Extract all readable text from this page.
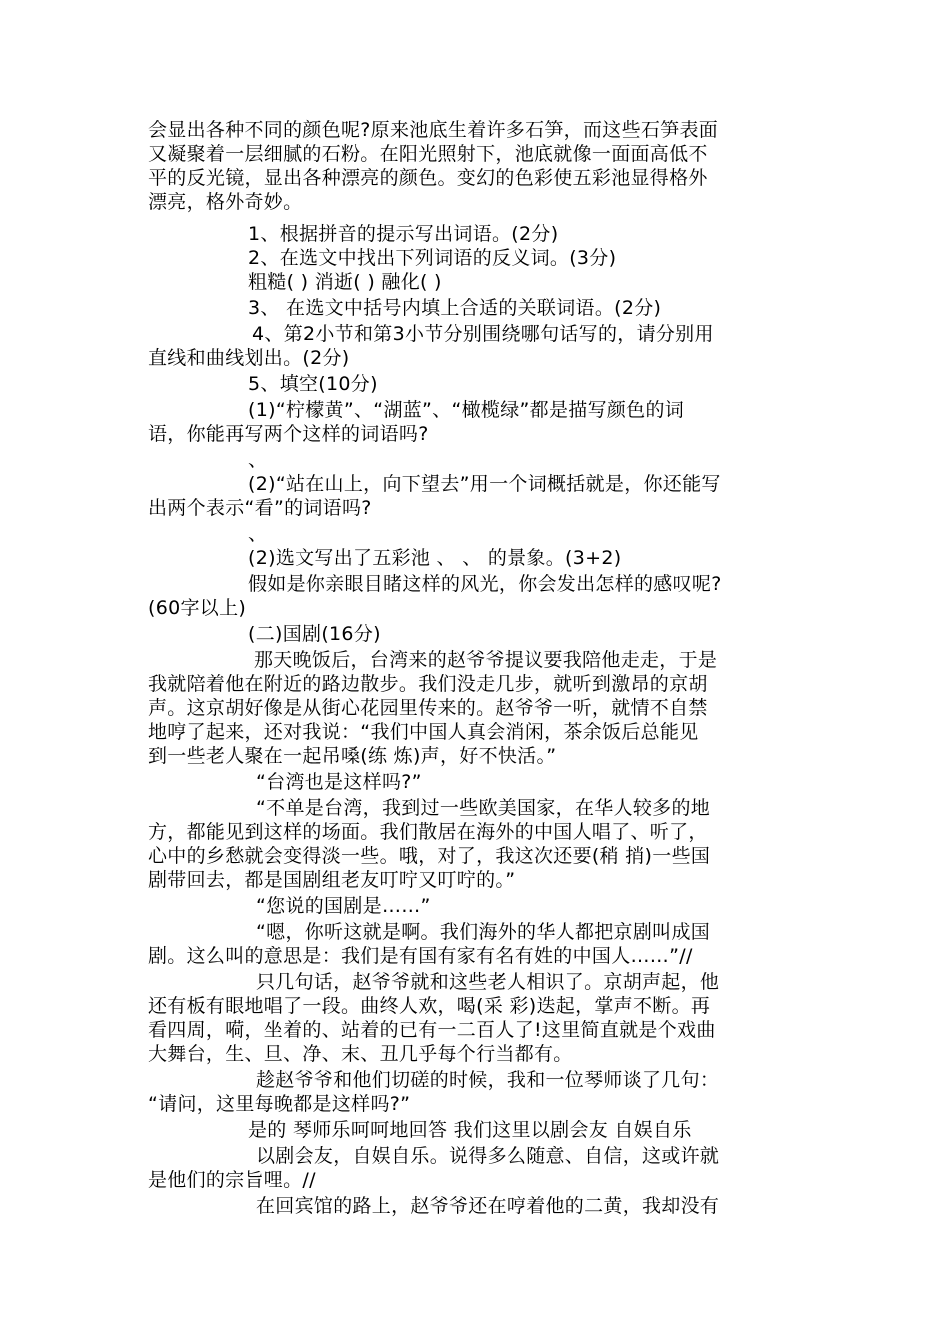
会显出各种不同的颜色呢?原来池底生着许多石笋，而这些石笋表面
又凝聚着一层细腻的石粉。在阳光照射下，池底就像一面面高低不
平的反光镜，显出各种漂亮的颜色。变幻的色彩使五彩池显得格外
漂亮，格外奇妙。
1、根据拼音的提示写出词语。(2分)
2、在选文中找出下列词语的反义词。(3分)
粗糙( ) 消逝( ) 融化( )
3、 在选文中括号内填上合适的关联词语。(2分)
4、第2小节和第3小节分别围绕哪句话写的，请分别用
直线和曲线划出。(2分)
5、填空(10分)
(1)“柠檬黄”、“湖蓝”、“橄榄绿”都是描写颜色的词
语，你能再写两个这样的词语吗?
、
(2)“站在山上，向下望去”用一个词概括就是，你还能写
出两个表示“看”的词语吗?
、
(2)选文写出了五彩池 、 、 的景象。(3+2)
假如是你亲眼目睹这样的风光，你会发出怎样的感叹呢?
(60字以上)
(二)国剧(16分)
那天晚饭后，台湾来的赵爷爷提议要我陪他走走，于是
我就陪着他在附近的路边散步。我们没走几步，就听到激昂的京胡
声。这京胡好像是从街心花园里传来的。赵爷爷一听，就情不自禁
地哼了起来，还对我说：“我们中国人真会消闲，茶余饭后总能见
到一些老人聚在一起吊嗓(练 炼)声，好不快活。”
“台湾也是这样吗?”
“不单是台湾，我到过一些欧美国家，在华人较多的地
方，都能见到这样的场面。我们散居在海外的中国人唱了、听了，
心中的乡愁就会变得淡一些。哦，对了，我这次还要(稍 捎)一些国
剧带回去，都是国剧组老友叮咛又叮咛的。”
“您说的国剧是……”
“嗯，你听这就是啊。我们海外的华人都把京剧叫成国
剧。这么叫的意思是：我们是有国有家有名有姓的中国人……”//
只几句话，赵爷爷就和这些老人相识了。京胡声起，他
还有板有眼地唱了一段。曲终人欢，喝(采 彩)迭起，掌声不断。再
看四周，嗬，坐着的、站着的已有一二百人了!这里简直就是个戏曲
大舞台，生、旦、净、末、丑几乎每个行当都有。
趁赵爷爷和他们切磋的时候，我和一位琴师谈了几句：
“请问，这里每晚都是这样吗?”
是的 琴师乐呵呵地回答 我们这里以剧会友 自娱自乐
以剧会友，自娱自乐。说得多么随意、自信，这或许就
是他们的宗旨哩。//
在回宾馆的路上，赵爷爷还在哼着他的二黄，我却没有
